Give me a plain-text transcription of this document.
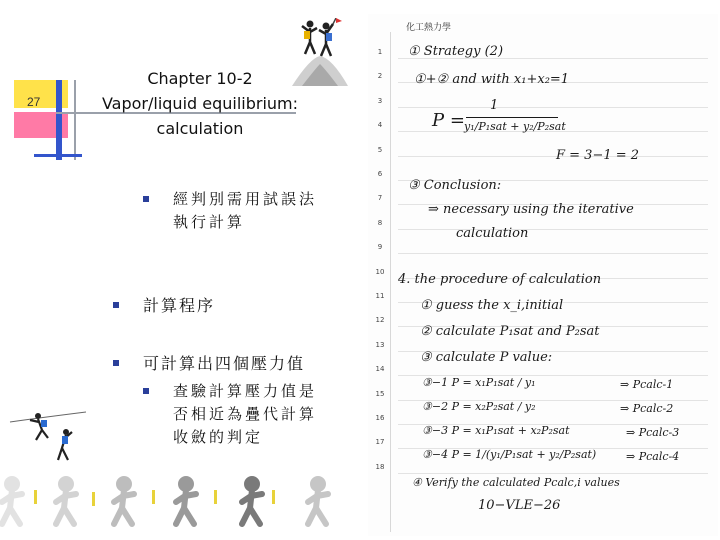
27
Chapter 10-2
Vapor/liquid equilibrium:
calculation
經判別需用試誤法
執行計算
計算程序
可計算出四個壓力值
查驗計算壓力值是
否相近為疊代計算
收斂的判定
化工熱力學
1
2
3
4
5
6
7
8
9
10
11
12
13
14
15
16
17
18
① Strategy (2)
①+② and with x₁+x₂=1
P =
1
y₁/P₁sat + y₂/P₂sat
F = 3−1 = 2
③ Conclusion:
⇒ necessary using the iterative
calculation
4. the procedure of calculation
① guess the x_i,initial
② calculate P₁sat and P₂sat
③ calculate P value:
③−1 P = x₁P₁sat / y₁	⇒ Pcalc-1
③−2 P = x₂P₂sat / y₂	⇒ Pcalc-2
③−3 P = x₁P₁sat + x₂P₂sat	⇒ Pcalc-3
③−4 P = 1/(y₁/P₁sat + y₂/P₂sat)	⇒ Pcalc-4
④ Verify the calculated Pcalc,i values
10−VLE−26
